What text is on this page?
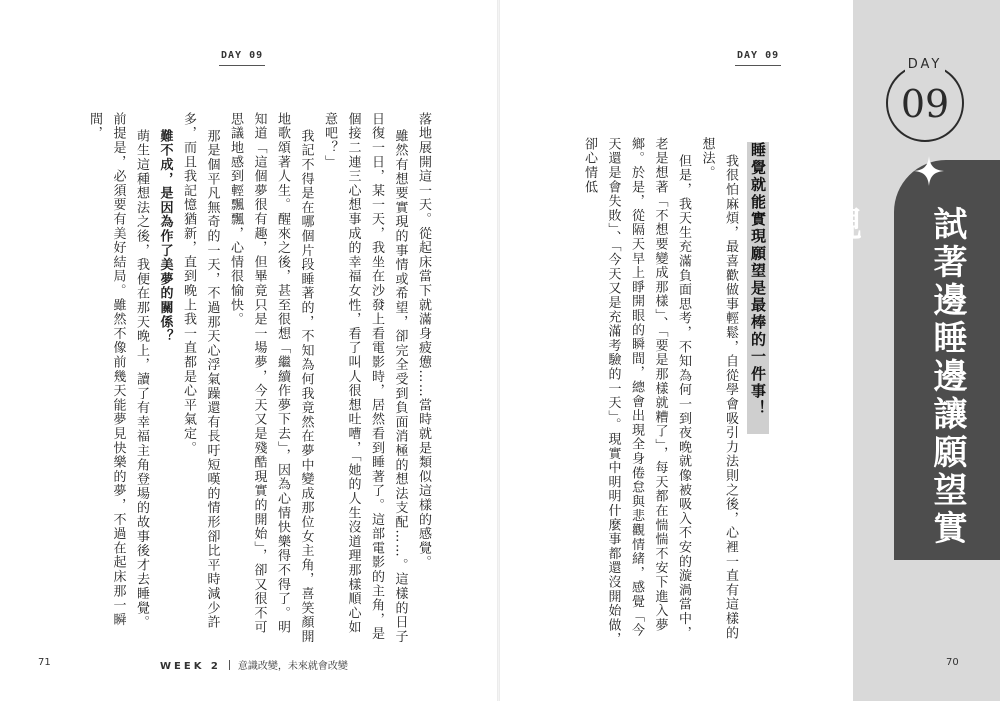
DAY
09
試著邊睡邊讓願望實現
DAY 09	DAY 09
睡覺就能實現願望是最棒的一件事！

我很怕麻煩，最喜歡做事輕鬆，自從學會吸引力法則之後，心裡一直有這樣的想法。

但是，我天生充滿負面思考，不知為何一到夜晚就像被吸入不安的漩渦當中，老是想著「不想要變成那樣」、「要是那樣就糟了」，每天都在惴惴不安下進入夢鄉。於是，從隔天早上睜開眼的瞬間，總會出現全身倦怠與悲觀情緒，感覺「今天還是會失敗」、「今天又是充滿考驗的一天」。現實中明明什麼事都還沒開始做，卻心情低

落地展開這一天。從起床當下就滿身疲憊……當時就是類似這樣的感覺。

雖然有想要實現的事情或希望，卻完全受到負面消極的想法支配……。這樣的日子日復一日，某一天，我坐在沙發上看電影時，居然看到睡著了。這部電影的主角，是個接二連三心想事成的幸福女性，看了叫人很想吐嘈，「她的人生沒道理那樣順心如意吧？」

我記不得是在哪個片段睡著的，不知為何我竟然在夢中變成那位女主角，喜笑顏開地歌頌著人生。醒來之後，甚至很想「繼續作夢下去」，因為心情快樂得不得了。明知道「這個夢很有趣，但畢竟只是一場夢，今天又是殘酷現實的開始」，卻又很不可思議地感到輕飄飄，心情很愉快。

那是個平凡無奇的一天，不過那天心浮氣躁還有長吁短嘆的情形卻比平時減少許多，而且我記憶猶新，直到晚上我一直都是心平氣定。

難不成，是因為作了美夢的關係？

萌生這種想法之後，我便在那天晚上，讀了有幸福主角登場的故事後才去睡覺。

前提是，必須要有美好結局。雖然不像前幾天能夢見快樂的夢，不過在起床那一瞬間，

71	WEEK 2 意識改變，未來就會改變	70
